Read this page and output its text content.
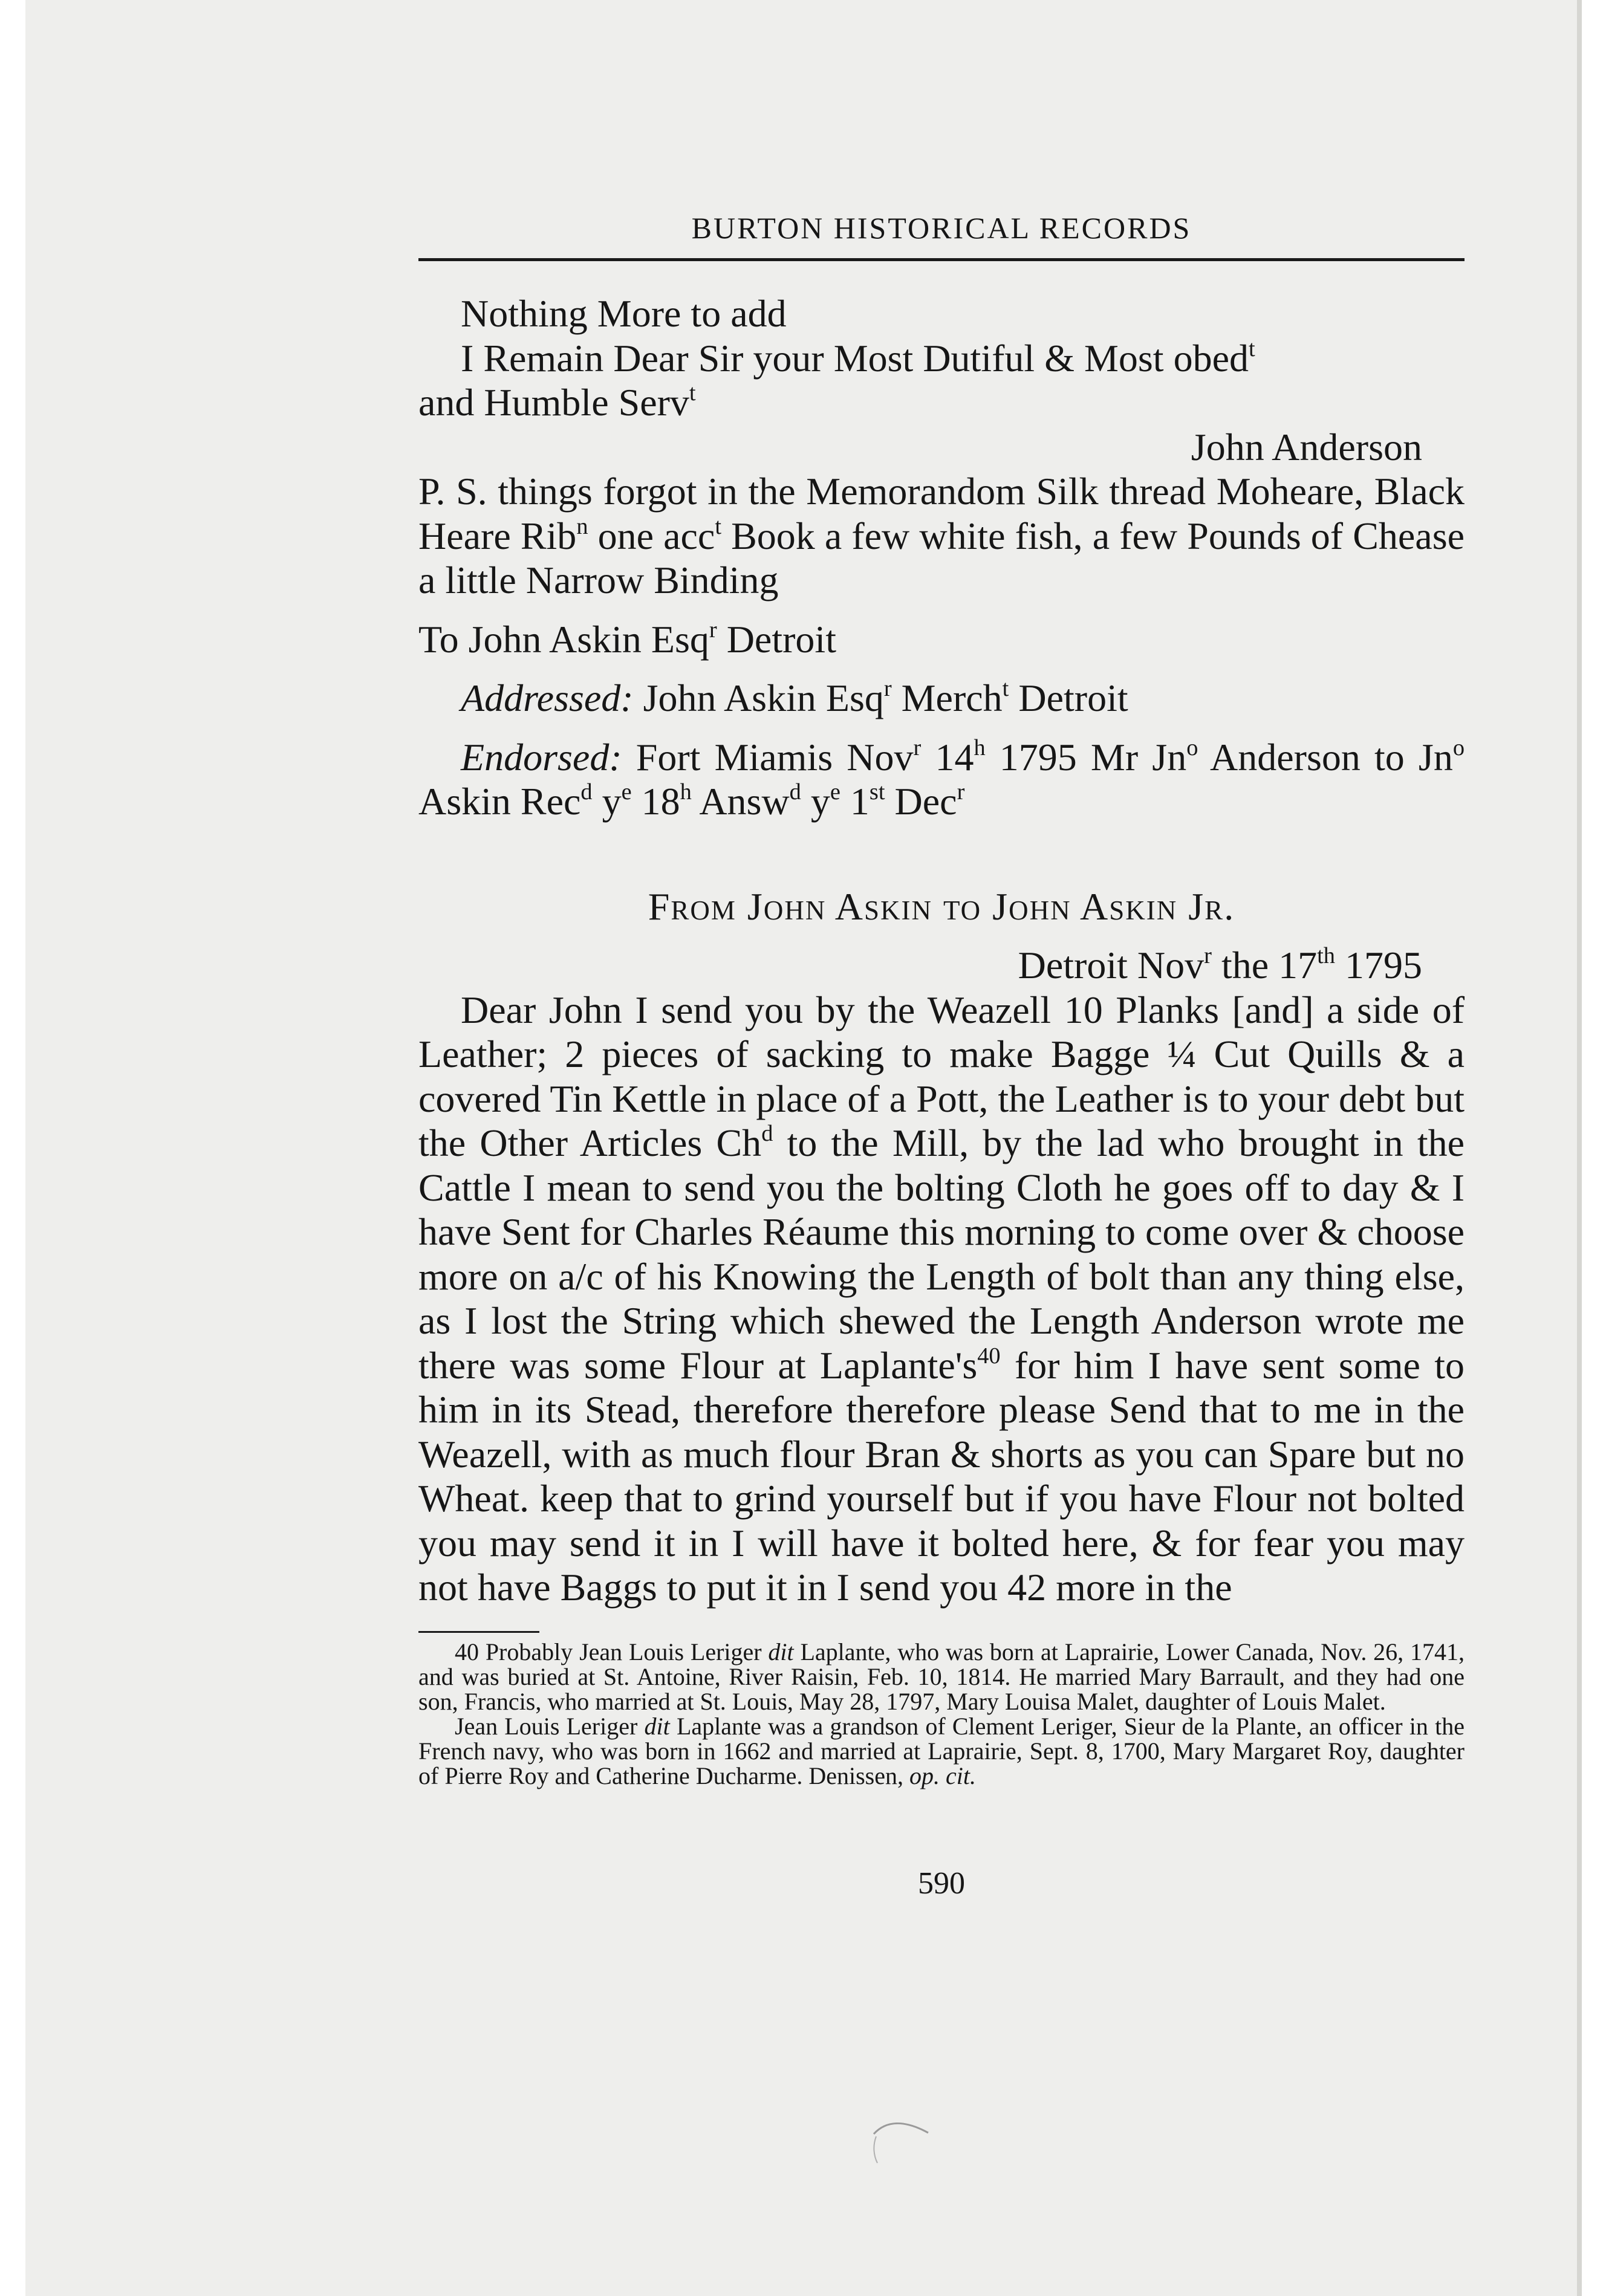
BURTON HISTORICAL RECORDS

Nothing More to add

I Remain Dear Sir your Most Dutiful & Most obed$^t$

and Humble Serv$^t$

John Anderson

P. S. things forgot in the Memorandom Silk thread Moheare, Black Heare Rib$^n$ one acc$^t$ Book a few white fish, a few Pounds of Chease a little Narrow Binding

To John Askin Esq$^r$ Detroit

Addressed: John Askin Esq$^r$ Merch$^t$ Detroit

Endorsed: Fort Miamis Nov$^r$ 14$^h$ 1795 Mr Jn$^o$ Anderson to Jn$^o$ Askin Rec$^d$ $y^e$ 18$^h$ Answ$^d$ $y^e$ 1st Dec$^r$

From John Askin to John Askin Jr.

Detroit Nov$^r$ the 17th 1795

Dear John I send you by the Weazell 10 Planks [and] a side of Leather; 2 pieces of sacking to make Bagge ¼ Cut Quills & a covered Tin Kettle in place of a Pott, the Leather is to your debt but the Other Articles Ch$^d$ to the Mill, by the lad who brought in the Cattle I mean to send you the bolting Cloth he goes off to day & I have Sent for Charles Réaume this morning to come over & choose more on a/c of his Knowing the Length of bolt than any thing else, as I lost the String which shewed the Length Anderson wrote me there was some Flour at $Laplante's^{40}$ for him I have sent some to him in its Stead, therefore therefore please Send that to me in the Weazell, with as much flour Bran & shorts as you can Spare but no Wheat. keep that to grind yourself but if you have Flour not bolted you may send it in I will have it bolted here, & for fear you may not have Baggs to put it in I send you 42 more in the

40 Probably Jean Louis Leriger dit Laplante, who was born at Laprairie, Lower Canada, Nov. 26, 1741, and was buried at St. Antoine, River Raisin, Feb. 10, 1814. He married Mary Barrault, and they had one son, Francis, who married at St. Louis, May 28, 1797, Mary Louisa Malet, daughter of Louis Malet.

Jean Louis Leriger dit Laplante was a grandson of Clement Leriger, Sieur de la Plante, an officer in the French navy, who was born in 1662 and married at Laprairie, Sept. 8, 1700, Mary Margaret Roy, daughter of Pierre Roy and Catherine Ducharme. Denissen, op. cit.

590
